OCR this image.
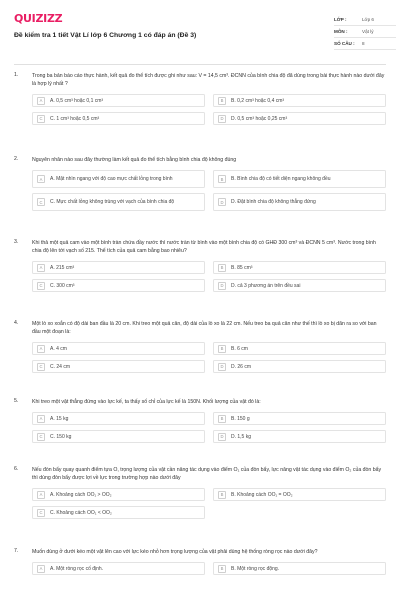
QUIZIZZ
Đề kiểm tra 1 tiết Vật Lí lớp 6 Chương 1 có đáp án (Đề 3)
LỚP :	Lớp 6
MÔN :	Vật lý
SỐ CÂU :	8
1.	Trong ba bản báo cáo thực hành, kết quả đo thể tích được ghi như sau: V = 14,5 cm³. ĐCNN của bình chia độ đã dùng trong bài thực hành nào dưới đây là hợp lý nhất ?
A	A. 0,5 cm³ hoặc 0,1 cm³	B	B. 0,2 cm³ hoặc 0,4 cm³
C	C. 1 cm³ hoặc 0,5 cm³	D	D. 0,5 cm³ hoặc 0,25 cm³
2.	Nguyên nhân nào sau đây thường làm kết quả đo thể tích bằng bình chia độ không đúng
A	A. Mặt nhìn ngang với độ cao mực chất lỏng trong bình	B	B. Bình chia độ có tiết diện ngang không đều
C	C. Mực chất lỏng không trùng với vạch của bình chia độ	D	D. Đặt bình chia độ không thẳng đứng
3.	Khi thả một quả cam vào một bình tràn chứa đầy nước thì nước tràn từ bình vào một bình chia độ có GHĐ 300 cm³ và ĐCNN 5 cm³. Nước trong bình chia độ lên tới vạch số 215. Thể tích của quả cam bằng bao nhiêu?
A	A. 215 cm³	B	B. 85 cm³
C	C. 300 cm³	D	D. cả 3 phương án trên đều sai
4.	Một lò xo xoắn có độ dài ban đầu là 20 cm. Khi treo một quả cân, độ dài của lò xo là 22 cm. Nếu treo ba quả cân như thế thì lò xo bị dãn ra so với ban đầu một đoạn là:
A	A. 4 cm	B	B. 6 cm
C	C. 24 cm	D	D. 26 cm
5.	Khi treo một vật thẳng đứng vào lực kế, ta thấy số chỉ của lực kế là 150N. Khối lượng của vật đó là:
A	A. 15 kg	B	B. 150 g
C	C. 150 kg	D	D. 1,5 kg
6.	Nếu đòn bẩy quay quanh điểm tựa O, trọng lượng của vật cần nâng tác dụng vào điểm O₁ của đòn bẩy, lực nâng vật tác dụng vào điểm O₂ của đòn bẩy thì dùng đòn bẩy được lợi về lực trong trường hợp nào dưới đây
A	A. Khoảng cách OO₁ > OO₂	B	B. Khoảng cách OO₁ = OO₂
C	C. Khoảng cách OO₁ < OO₂
7.	Muốn dùng ở dưới kéo một vật lên cao với lực kéo nhỏ hơn trọng lượng của vật phải dùng hệ thống ròng rọc nào dưới đây?
A	A. Một ròng rọc cố định.	B	B. Một ròng rọc động.
